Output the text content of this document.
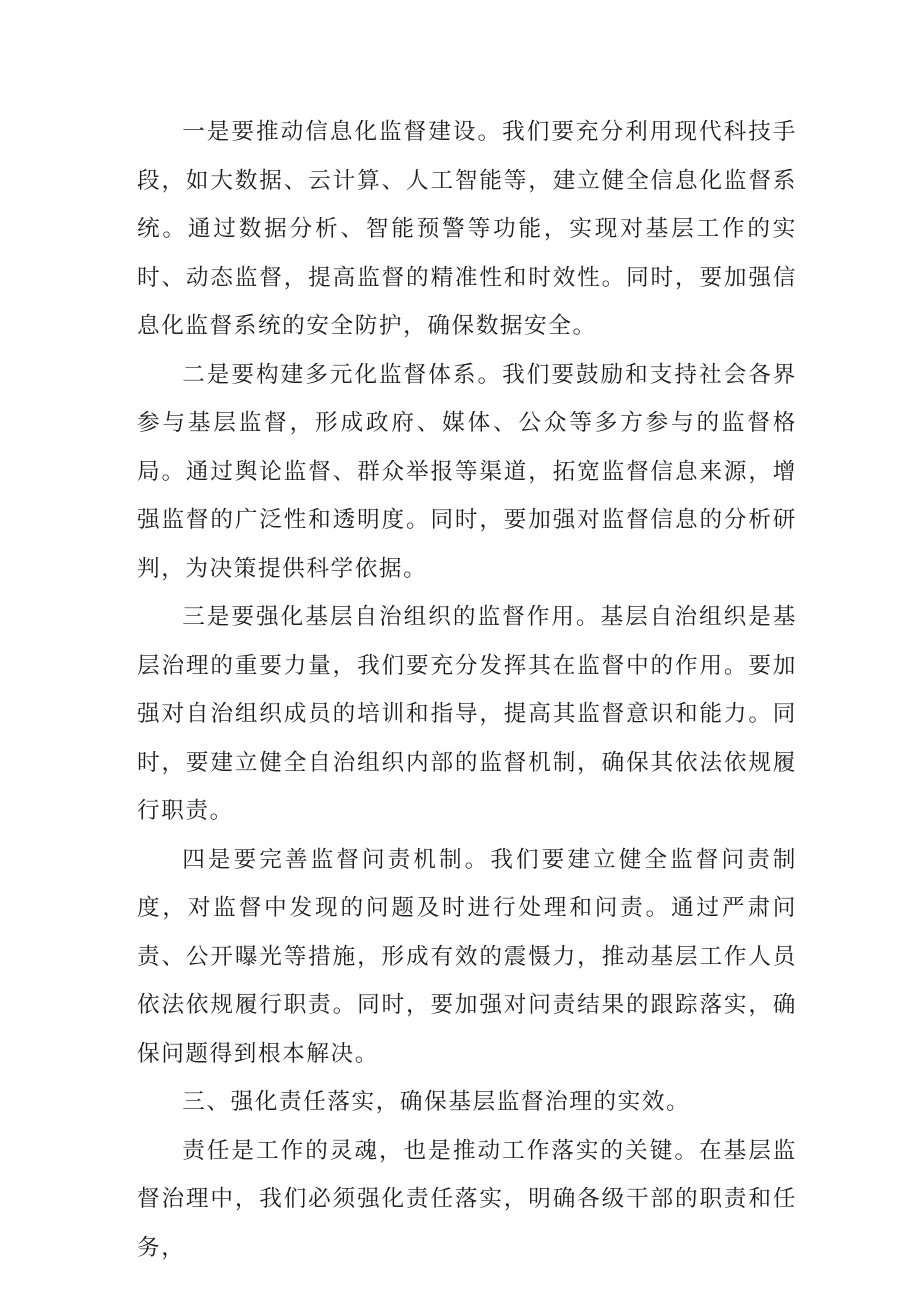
一是要推动信息化监督建设。我们要充分利用现代科技手段，如大数据、云计算、人工智能等，建立健全信息化监督系统。通过数据分析、智能预警等功能，实现对基层工作的实时、动态监督，提高监督的精准性和时效性。同时，要加强信息化监督系统的安全防护，确保数据安全。

二是要构建多元化监督体系。我们要鼓励和支持社会各界参与基层监督，形成政府、媒体、公众等多方参与的监督格局。通过舆论监督、群众举报等渠道，拓宽监督信息来源，增强监督的广泛性和透明度。同时，要加强对监督信息的分析研判，为决策提供科学依据。

三是要强化基层自治组织的监督作用。基层自治组织是基层治理的重要力量，我们要充分发挥其在监督中的作用。要加强对自治组织成员的培训和指导，提高其监督意识和能力。同时，要建立健全自治组织内部的监督机制，确保其依法依规履行职责。

四是要完善监督问责机制。我们要建立健全监督问责制度，对监督中发现的问题及时进行处理和问责。通过严肃问责、公开曝光等措施，形成有效的震慑力，推动基层工作人员依法依规履行职责。同时，要加强对问责结果的跟踪落实，确保问题得到根本解决。

三、强化责任落实，确保基层监督治理的实效。

责任是工作的灵魂，也是推动工作落实的关键。在基层监督治理中，我们必须强化责任落实，明确各级干部的职责和任务，
